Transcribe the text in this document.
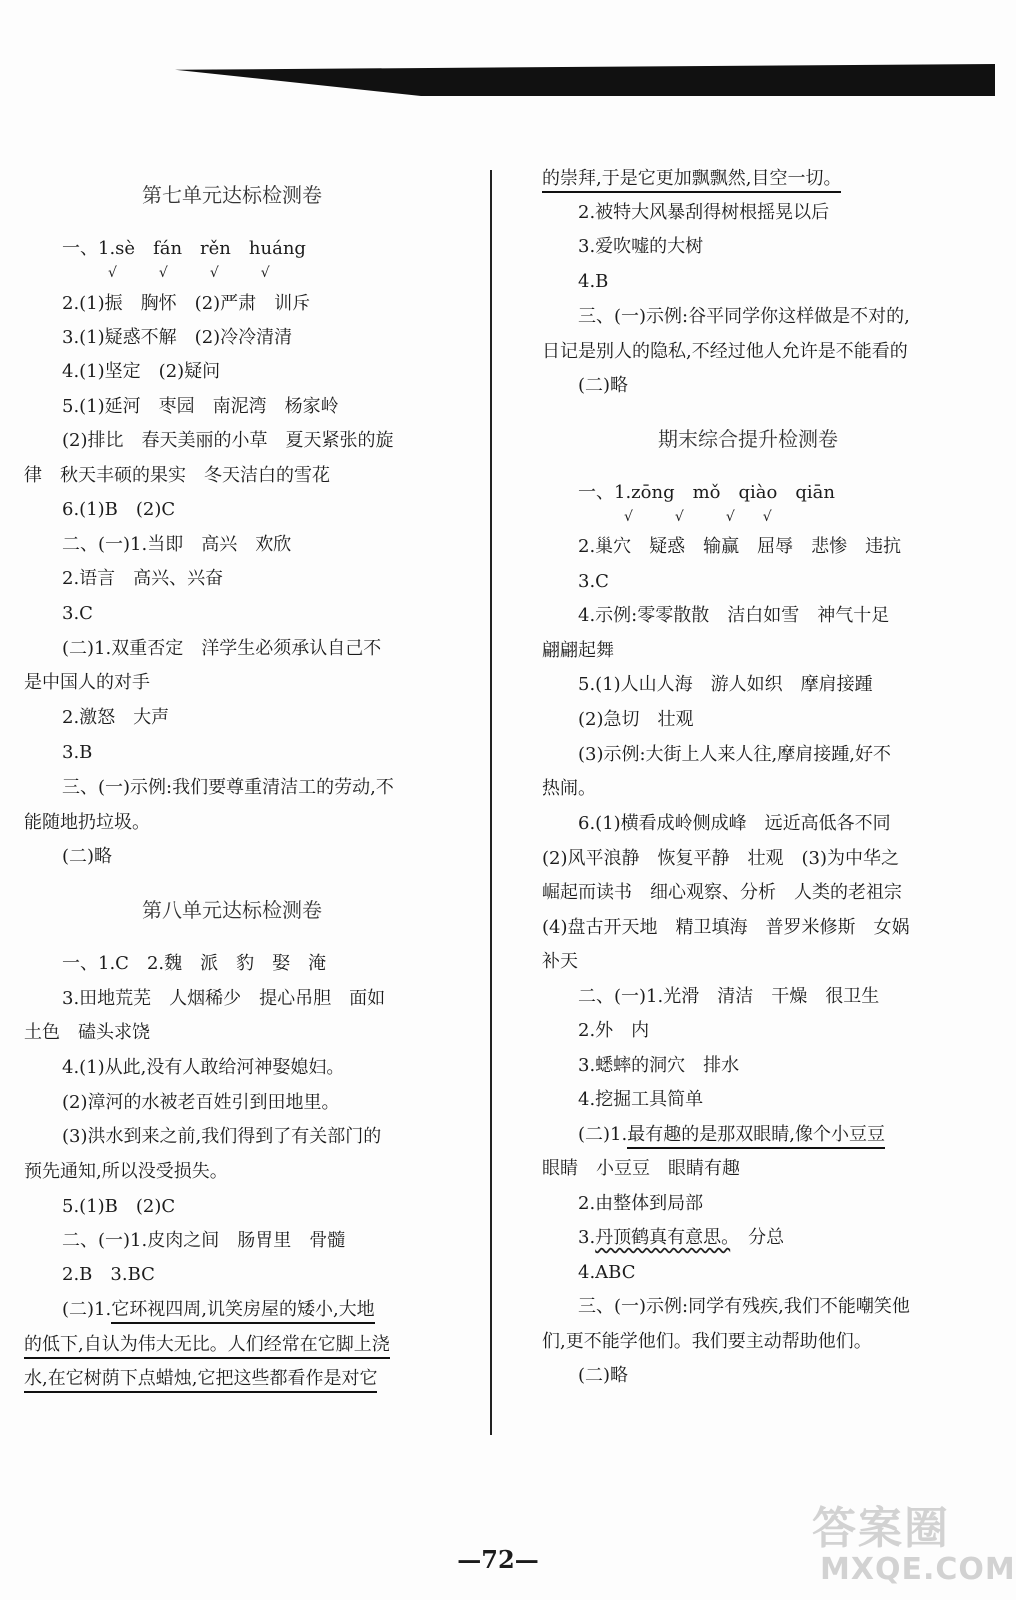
第七单元达标检测卷
一、1.sè　fán　rěn　huáng
√　　　√　　　√　　　√
2.(1)振　胸怀　(2)严肃　训斥
3.(1)疑惑不解　(2)冷冷清清
4.(1)坚定　(2)疑问
5.(1)延河　枣园　南泥湾　杨家岭
(2)排比　春天美丽的小草　夏天紧张的旋
律　秋天丰硕的果实　冬天洁白的雪花
6.(1)B　(2)C
二、(一)1.当即　高兴　欢欣
2.语言　高兴、兴奋
3.C
(二)1.双重否定　洋学生必须承认自己不
是中国人的对手
2.激怒　大声
3.B
三、(一)示例:我们要尊重清洁工的劳动,不
能随地扔垃圾。
(二)略
第八单元达标检测卷
一、1.C　2.魏　派　豹　娶　淹
3.田地荒芜　人烟稀少　提心吊胆　面如
土色　磕头求饶
4.(1)从此,没有人敢给河神娶媳妇。
(2)漳河的水被老百姓引到田地里。
(3)洪水到来之前,我们得到了有关部门的
预先通知,所以没受损失。
5.(1)B　(2)C
二、(一)1.皮肉之间　肠胃里　骨髓
2.B　3.BC
(二)1.它环视四周,讥笑房屋的矮小,大地
的低下,自认为伟大无比。人们经常在它脚上浇
水,在它树荫下点蜡烛,它把这些都看作是对它
的崇拜,于是它更加飘飘然,目空一切。
2.被特大风暴刮得树根摇晃以后
3.爱吹嘘的大树
4.B
三、(一)示例:谷平同学你这样做是不对的,
日记是别人的隐私,不经过他人允许是不能看的
(二)略
期末综合提升检测卷
一、1.zōng　mǒ　qiào　qiān
√　　　√　　　√　　√
2.巢穴　疑惑　输赢　屈辱　悲惨　违抗
3.C
4.示例:零零散散　洁白如雪　神气十足
翩翩起舞
5.(1)人山人海　游人如织　摩肩接踵
(2)急切　壮观
(3)示例:大街上人来人往,摩肩接踵,好不
热闹。
6.(1)横看成岭侧成峰　远近高低各不同
(2)风平浪静　恢复平静　壮观　(3)为中华之
崛起而读书　细心观察、分析　人类的老祖宗
(4)盘古开天地　精卫填海　普罗米修斯　女娲
补天
二、(一)1.光滑　清洁　干燥　很卫生
2.外　内
3.蟋蟀的洞穴　排水
4.挖掘工具简单
(二)1.最有趣的是那双眼睛,像个小豆豆
眼睛　小豆豆　眼睛有趣
2.由整体到局部
3.丹顶鹤真有意思。　分总
4.ABC
三、(一)示例:同学有残疾,我们不能嘲笑他
们,更不能学他们。我们要主动帮助他们。
(二)略
—72—
答案圈
MXQE.COM
